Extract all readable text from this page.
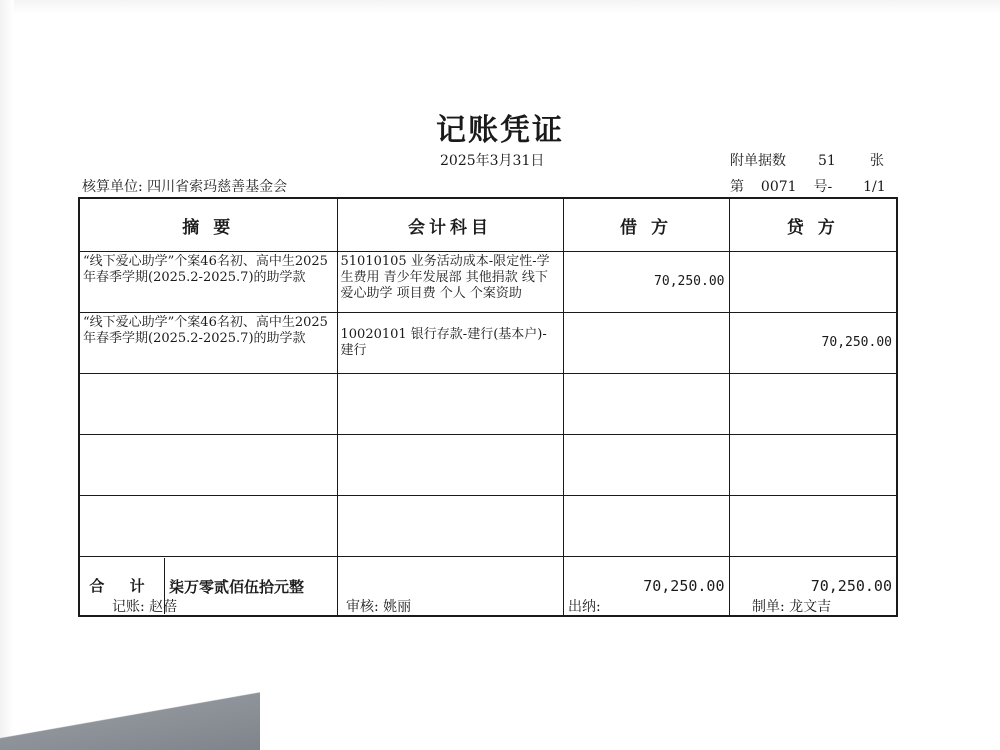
记账凭证
2025年3月31日	附单据数 51 张
第 0071 号- 1/1
核算单位: 四川省索玛慈善基金会
摘 要	会计科目	借 方	贷 方
“线下爱心助学”个案46名初、高中生2025年春季学期(2025.2-2025.7)的助学款	51010105 业务活动成本-限定性-学生费用 青少年发展部 其他捐款 线下爱心助学 项目费 个人 个案资助	70,250.00	
“线下爱心助学”个案46名初、高中生2025年春季学期(2025.2-2025.7)的助学款	10020101 银行存款-建行(基本户)-建行		70,250.00

合 计 柒万零贰佰伍拾元整		70,250.00	70,250.00
记账: 赵蓓	审核: 姚丽	出纳:	制单: 龙文吉
